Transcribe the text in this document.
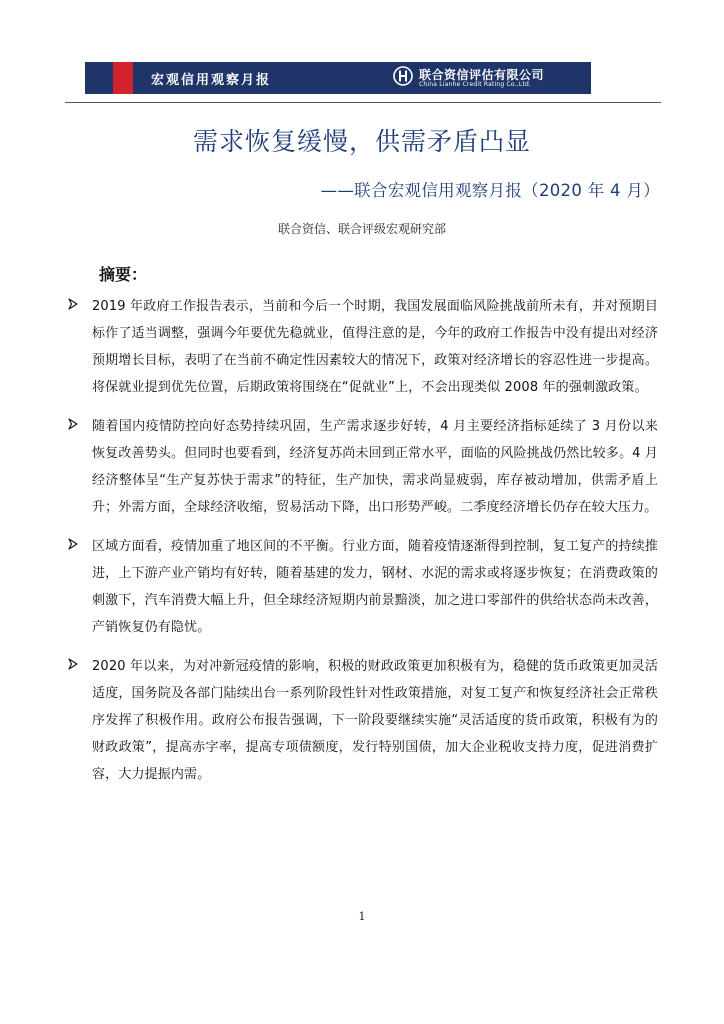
宏观信用观察月报	联合资信评估有限公司
China Lianhe Credit Rating Co.,Ltd.
需求恢复缓慢，供需矛盾凸显
——联合宏观信用观察月报（2020 年 4 月）
联合资信、联合评级宏观研究部
摘要：
2019 年政府工作报告表示，当前和今后一个时期，我国发展面临风险挑战前所未有，并对预期目标作了适当调整，强调今年要优先稳就业，值得注意的是，今年的政府工作报告中没有提出对经济预期增长目标，表明了在当前不确定性因素较大的情况下，政策对经济增长的容忍性进一步提高。将保就业提到优先位置，后期政策将围绕在“促就业”上，不会出现类似 2008 年的强刺激政策。
随着国内疫情防控向好态势持续巩固，生产需求逐步好转，4 月主要经济指标延续了 3 月份以来恢复改善势头。但同时也要看到，经济复苏尚未回到正常水平，面临的风险挑战仍然比较多。4 月经济整体呈“生产复苏快于需求”的特征，生产加快，需求尚显疲弱，库存被动增加，供需矛盾上升；外需方面，全球经济收缩，贸易活动下降，出口形势严峻。二季度经济增长仍存在较大压力。
区域方面看，疫情加重了地区间的不平衡。行业方面，随着疫情逐渐得到控制，复工复产的持续推进，上下游产业产销均有好转，随着基建的发力，钢材、水泥的需求或将逐步恢复；在消费政策的刺激下，汽车消费大幅上升，但全球经济短期内前景黯淡，加之进口零部件的供给状态尚未改善，产销恢复仍有隐忧。
2020 年以来，为对冲新冠疫情的影响，积极的财政政策更加积极有为，稳健的货币政策更加灵活适度，国务院及各部门陆续出台一系列阶段性针对性政策措施，对复工复产和恢复经济社会正常秩序发挥了积极作用。政府公布报告强调，下一阶段要继续实施“灵活适度的货币政策，积极有为的财政政策”，提高赤字率，提高专项债额度，发行特别国债，加大企业税收支持力度，促进消费扩容，大力提振内需。
1
